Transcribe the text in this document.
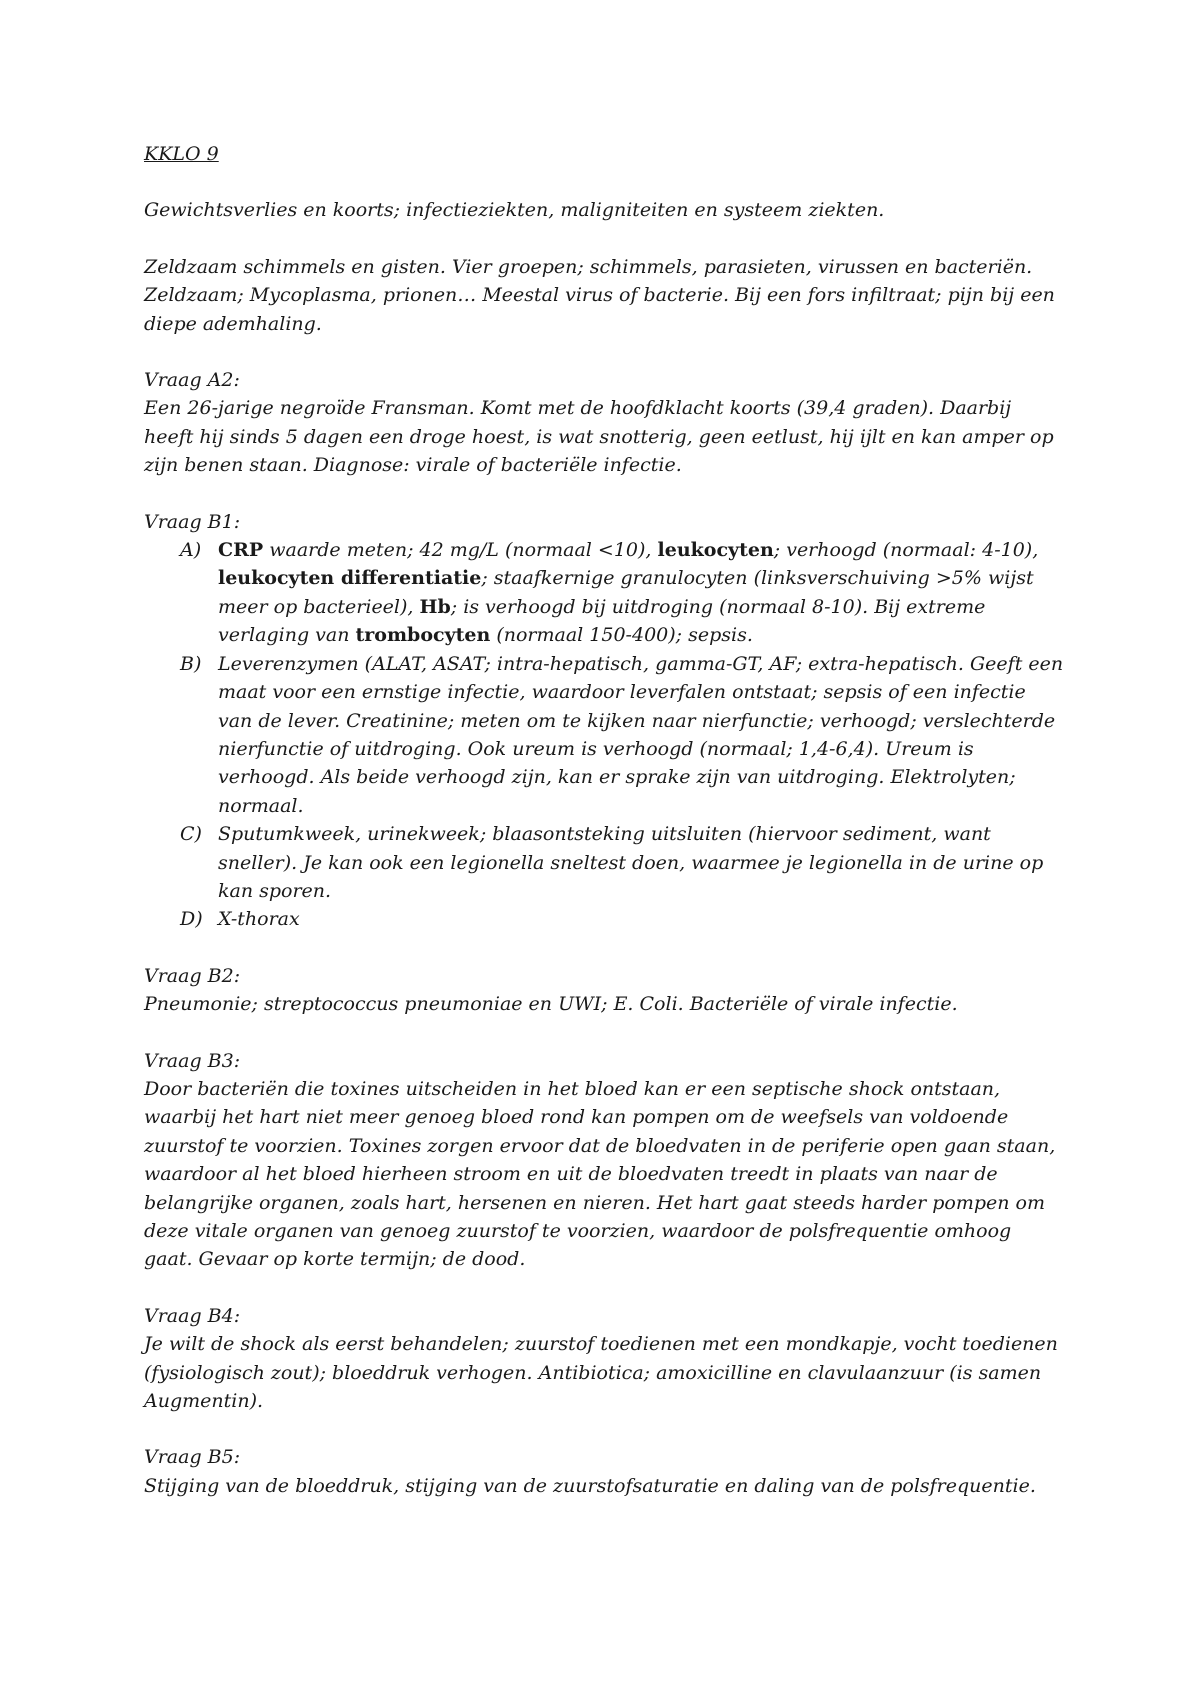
KKLO 9
Gewichtsverlies en koorts; infectieziekten, maligniteiten en systeem ziekten.
Zeldzaam schimmels en gisten. Vier groepen; schimmels, parasieten, virussen en bacteriën. Zeldzaam; Mycoplasma, prionen… Meestal virus of bacterie. Bij een fors infiltraat; pijn bij een diepe ademhaling.
Vraag A2:
Een 26-jarige negroïde Fransman. Komt met de hoofdklacht koorts (39,4 graden). Daarbij heeft hij sinds 5 dagen een droge hoest, is wat snotterig, geen eetlust, hij ijlt en kan amper op zijn benen staan. Diagnose: virale of bacteriële infectie.
Vraag B1:
A) CRP waarde meten; 42 mg/L (normaal <10), leukocyten; verhoogd (normaal: 4-10), leukocyten differentiatie; staafkernige granulocyten (linksverschuiving >5% wijst meer op bacterieel), Hb; is verhoogd bij uitdroging (normaal 8-10). Bij extreme verlaging van trombocyten (normaal 150-400); sepsis.
B) Leverenzymen (ALAT, ASAT; intra-hepatisch, gamma-GT, AF; extra-hepatisch. Geeft een maat voor een ernstige infectie, waardoor leverfalen ontstaat; sepsis of een infectie van de lever. Creatinine; meten om te kijken naar nierfunctie; verhoogd; verslechterde nierfunctie of uitdroging. Ook ureum is verhoogd (normaal; 1,4-6,4). Ureum is verhoogd. Als beide verhoogd zijn, kan er sprake zijn van uitdroging. Elektrolyten; normaal.
C) Sputumkweek, urinekweek; blaasontsteking uitsluiten (hiervoor sediment, want sneller). Je kan ook een legionella sneltest doen, waarmee je legionella in de urine op kan sporen.
D) X-thorax
Vraag B2:
Pneumonie; streptococcus pneumoniae en UWI; E. Coli. Bacteriële of virale infectie.
Vraag B3:
Door bacteriën die toxines uitscheiden in het bloed kan er een septische shock ontstaan, waarbij het hart niet meer genoeg bloed rond kan pompen om de weefsels van voldoende zuurstof te voorzien. Toxines zorgen ervoor dat de bloedvaten in de periferie open gaan staan, waardoor al het bloed hierheen stroom en uit de bloedvaten treedt in plaats van naar de belangrijke organen, zoals hart, hersenen en nieren. Het hart gaat steeds harder pompen om deze vitale organen van genoeg zuurstof te voorzien, waardoor de polsfrequentie omhoog gaat. Gevaar op korte termijn; de dood.
Vraag B4:
Je wilt de shock als eerst behandelen; zuurstof toedienen met een mondkapje, vocht toedienen (fysiologisch zout); bloeddruk verhogen. Antibiotica; amoxicilline en clavulaanzuur (is samen Augmentin).
Vraag B5:
Stijging van de bloeddruk, stijging van de zuurstofsaturatie en daling van de polsfrequentie.
